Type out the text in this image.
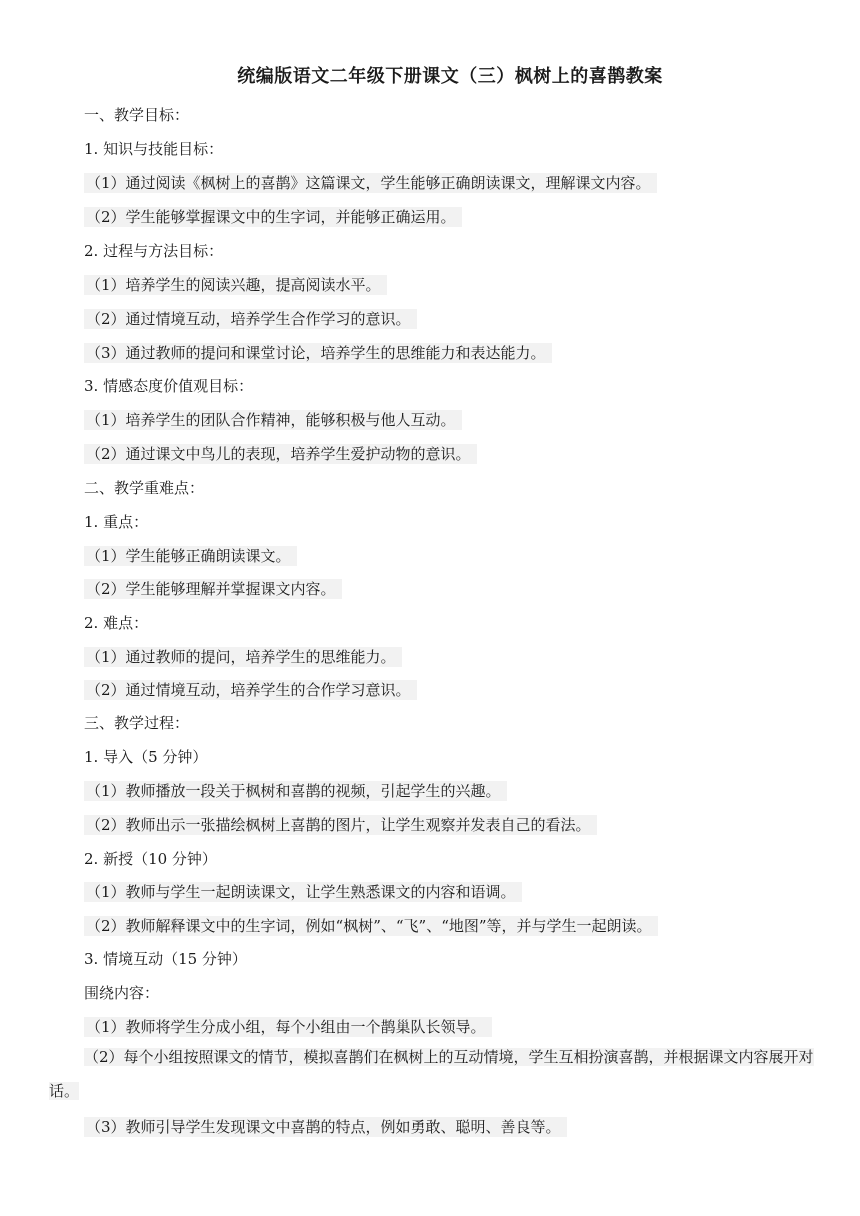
统编版语文二年级下册课文（三）枫树上的喜鹊教案
一、教学目标：
1. 知识与技能目标：
（1）通过阅读《枫树上的喜鹊》这篇课文，学生能够正确朗读课文，理解课文内容。
（2）学生能够掌握课文中的生字词，并能够正确运用。
2. 过程与方法目标：
（1）培养学生的阅读兴趣，提高阅读水平。
（2）通过情境互动，培养学生合作学习的意识。
（3）通过教师的提问和课堂讨论，培养学生的思维能力和表达能力。
3. 情感态度价值观目标：
（1）培养学生的团队合作精神，能够积极与他人互动。
（2）通过课文中鸟儿的表现，培养学生爱护动物的意识。
二、教学重难点：
1. 重点：
（1）学生能够正确朗读课文。
（2）学生能够理解并掌握课文内容。
2. 难点：
（1）通过教师的提问，培养学生的思维能力。
（2）通过情境互动，培养学生的合作学习意识。
三、教学过程：
1. 导入（5 分钟）
（1）教师播放一段关于枫树和喜鹊的视频，引起学生的兴趣。
（2）教师出示一张描绘枫树上喜鹊的图片，让学生观察并发表自己的看法。
2. 新授（10 分钟）
（1）教师与学生一起朗读课文，让学生熟悉课文的内容和语调。
（2）教师解释课文中的生字词，例如“枫树”、“飞”、“地图”等，并与学生一起朗读。
3. 情境互动（15 分钟）
围绕内容：
（1）教师将学生分成小组，每个小组由一个鹊巢队长领导。
（2）每个小组按照课文的情节，模拟喜鹊们在枫树上的互动情境，学生互相扮演喜鹊，并根据课文内容展开对话。
（3）教师引导学生发现课文中喜鹊的特点，例如勇敢、聪明、善良等。
